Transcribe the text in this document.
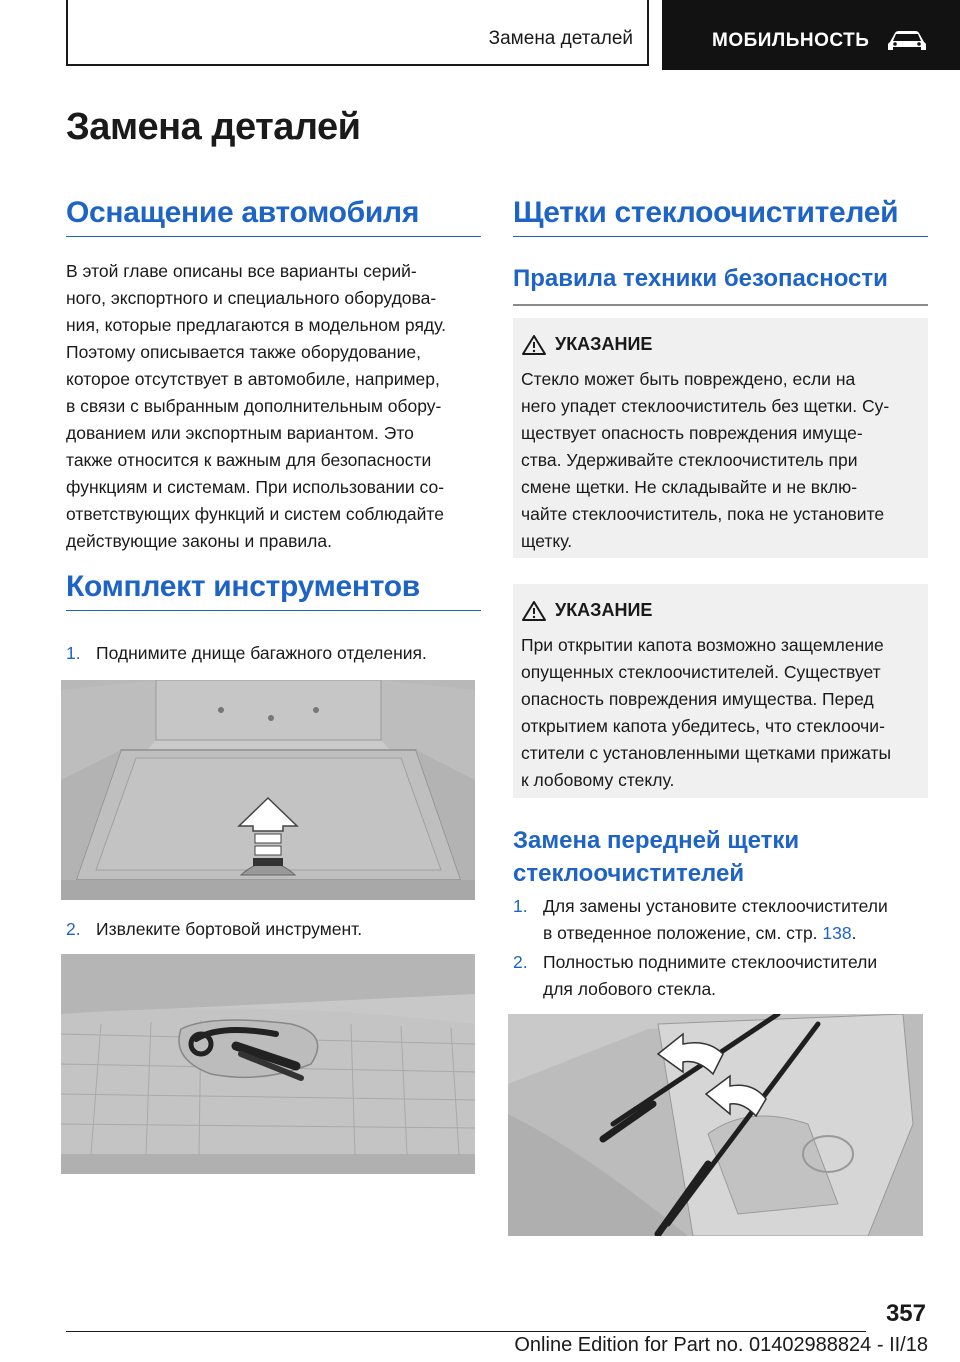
Замена деталей	МОБИЛЬНОСТЬ
Замена деталей
Оснащение автомобиля
В этой главе описаны все варианты серий-
ного, экспортного и специального оборудова-
ния, которые предлагаются в модельном ряду.
Поэтому описывается также оборудование,
которое отсутствует в автомобиле, например,
в связи с выбранным дополнительным обору-
дованием или экспортным вариантом. Это
также относится к важным для безопасности
функциям и системам. При использовании со-
ответствующих функций и систем соблюдайте
действующие законы и правила.
Комплект инструментов
1. Поднимите днище багажного отделения.
2. Извлеките бортовой инструмент.
Щетки стеклоочистителей
Правила техники безопасности
УКАЗАНИЕ
Стекло может быть повреждено, если на
него упадет стеклоочиститель без щетки. Су-
ществует опасность повреждения имуще-
ства. Удерживайте стеклоочиститель при
смене щетки. Не складывайте и не вклю-
чайте стеклоочиститель, пока не установите
щетку.
УКАЗАНИЕ
При открытии капота возможно защемление
опущенных стеклоочистителей. Существует
опасность повреждения имущества. Перед
открытием капота убедитесь, что стеклоочи-
стители с установленными щетками прижаты
к лобовому стеклу.
Замена передней щетки
стеклоочистителей
1. Для замены установите стеклоочистители
в отведенное положение, см. стр. 138.
2. Полностью поднимите стеклоочистители
для лобового стекла.
357
Online Edition for Part no. 01402988824 - II/18
